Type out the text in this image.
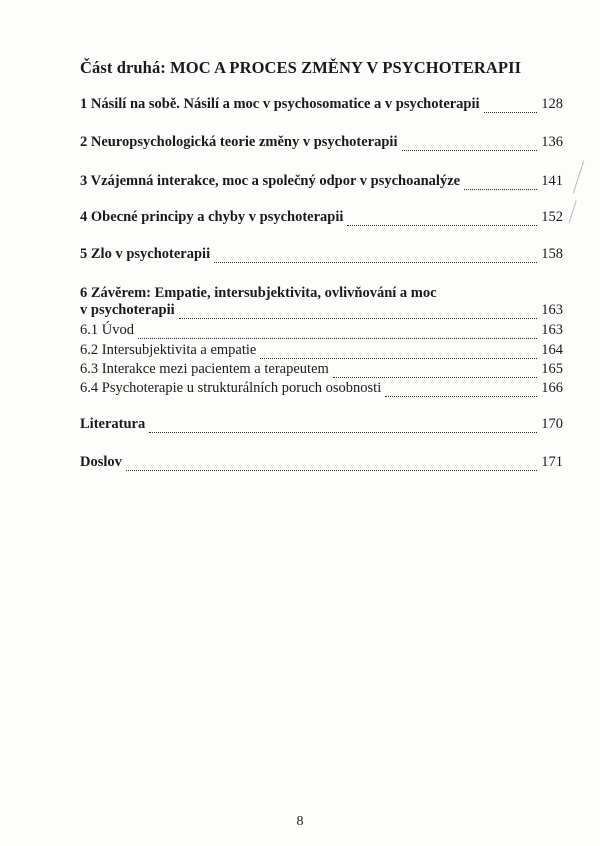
Část druhá: MOC A PROCES ZMĚNY V PSYCHOTERAPII
1 Násilí na sobě. Násilí a moc v psychosomatice a v psychoterapii	128
2 Neuropsychologická teorie změny v psychoterapii	136
3 Vzájemná interakce, moc a společný odpor v psychoanalýze	141
4 Obecné principy a chyby v psychoterapii	152
5 Zlo v psychoterapii	158
6 Závěrem: Empatie, intersubjektivita, ovlivňování a moc
v psychoterapii	163
6.1 Úvod	163
6.2 Intersubjektivita a empatie	164
6.3 Interakce mezi pacientem a terapeutem	165
6.4 Psychoterapie u strukturálních poruch osobnosti	166
Literatura	170
Doslov	171
8
